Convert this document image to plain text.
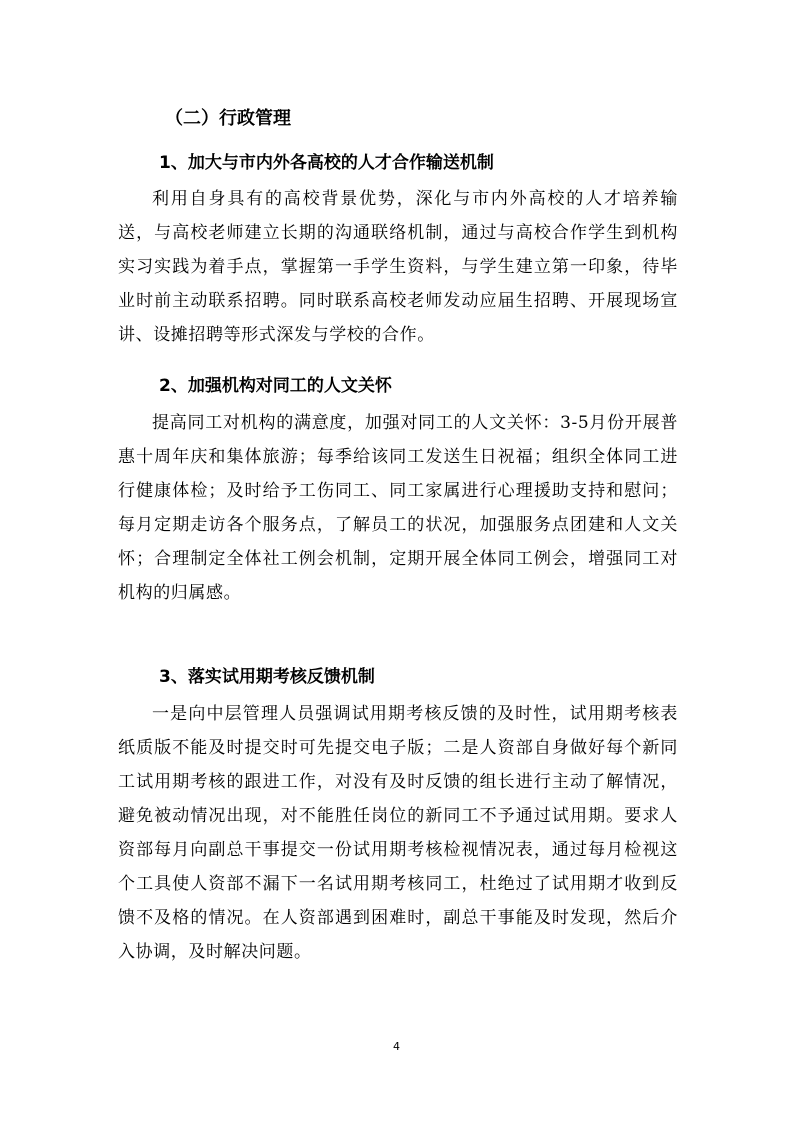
（二）行政管理
1、加大与市内外各高校的人才合作输送机制

利用自身具有的高校背景优势，深化与市内外高校的人才培养输送，与高校老师建立长期的沟通联络机制，通过与高校合作学生到机构实习实践为着手点，掌握第一手学生资料，与学生建立第一印象，待毕业时前主动联系招聘。同时联系高校老师发动应届生招聘、开展现场宣讲、设摊招聘等形式深发与学校的合作。

2、加强机构对同工的人文关怀

提高同工对机构的满意度，加强对同工的人文关怀：3-5月份开展普惠十周年庆和集体旅游；每季给该同工发送生日祝福；组织全体同工进行健康体检；及时给予工伤同工、同工家属进行心理援助支持和慰问；每月定期走访各个服务点，了解员工的状况，加强服务点团建和人文关怀；合理制定全体社工例会机制，定期开展全体同工例会，增强同工对机构的归属感。

3、落实试用期考核反馈机制

一是向中层管理人员强调试用期考核反馈的及时性，试用期考核表纸质版不能及时提交时可先提交电子版；二是人资部自身做好每个新同工试用期考核的跟进工作，对没有及时反馈的组长进行主动了解情况，避免被动情况出现，对不能胜任岗位的新同工不予通过试用期。要求人资部每月向副总干事提交一份试用期考核检视情况表，通过每月检视这个工具使人资部不漏下一名试用期考核同工，杜绝过了试用期才收到反馈不及格的情况。在人资部遇到困难时，副总干事能及时发现，然后介入协调，及时解决问题。

4
